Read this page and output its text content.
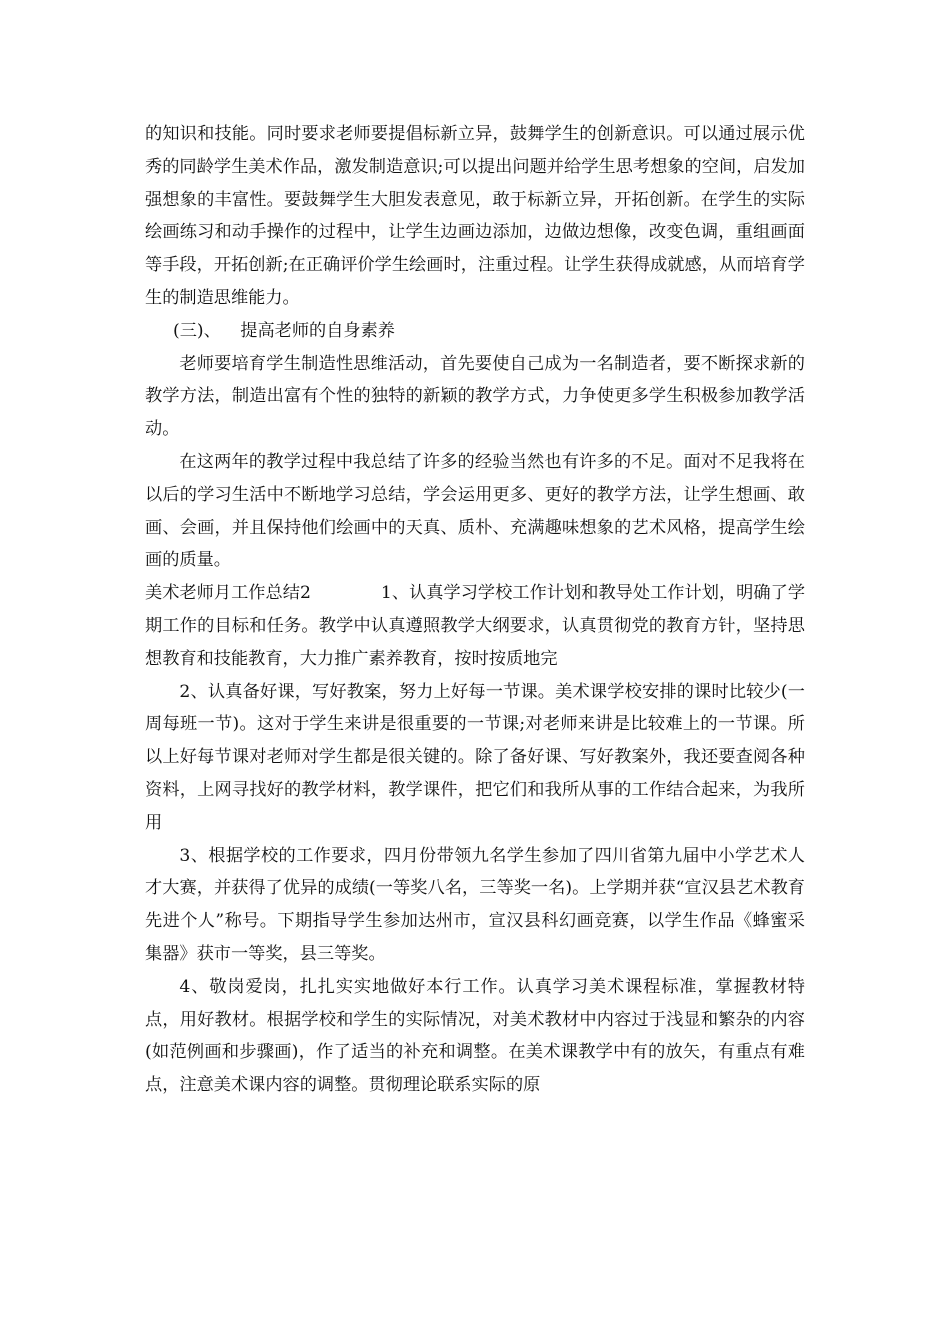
的知识和技能。同时要求老师要提倡标新立异，鼓舞学生的创新意识。可以通过展示优秀的同龄学生美术作品，激发制造意识;可以提出问题并给学生思考想象的空间，启发加强想象的丰富性。要鼓舞学生大胆发表意见，敢于标新立异，开拓创新。在学生的实际绘画练习和动手操作的过程中，让学生边画边添加，边做边想像，改变色调，重组画面等手段，开拓创新;在正确评价学生绘画时，注重过程。让学生获得成就感，从而培育学生的制造思维能力。

(三)、 提高老师的自身素养

老师要培育学生制造性思维活动，首先要使自己成为一名制造者，要不断探求新的教学方法，制造出富有个性的独特的新颖的教学方式，力争使更多学生积极参加教学活动。

在这两年的教学过程中我总结了许多的经验当然也有许多的不足。面对不足我将在以后的学习生活中不断地学习总结，学会运用更多、更好的教学方法，让学生想画、敢画、会画，并且保持他们绘画中的天真、质朴、充满趣味想象的艺术风格，提高学生绘画的质量。

美术老师月工作总结2	1、认真学习学校工作计划和教导处工作计划，明确了学期工作的目标和任务。教学中认真遵照教学大纲要求，认真贯彻党的教育方针，坚持思想教育和技能教育，大力推广素养教育，按时按质地完

2、认真备好课，写好教案，努力上好每一节课。美术课学校安排的课时比较少(一周每班一节)。这对于学生来讲是很重要的一节课;对老师来讲是比较难上的一节课。所以上好每节课对老师对学生都是很关键的。除了备好课、写好教案外，我还要查阅各种资料，上网寻找好的教学材料，教学课件，把它们和我所从事的工作结合起来，为我所用

3、根据学校的工作要求，四月份带领九名学生参加了四川省第九届中小学艺术人才大赛，并获得了优异的成绩(一等奖八名，三等奖一名)。上学期并获“宣汉县艺术教育先进个人”称号。下期指导学生参加达州市，宣汉县科幻画竞赛，以学生作品《蜂蜜采集器》获市一等奖，县三等奖。

4、敬岗爱岗，扎扎实实地做好本行工作。认真学习美术课程标准，掌握教材特点，用好教材。根据学校和学生的实际情况，对美术教材中内容过于浅显和繁杂的内容(如范例画和步骤画)，作了适当的补充和调整。在美术课教学中有的放矢，有重点有难点，注意美术课内容的调整。贯彻理论联系实际的原
